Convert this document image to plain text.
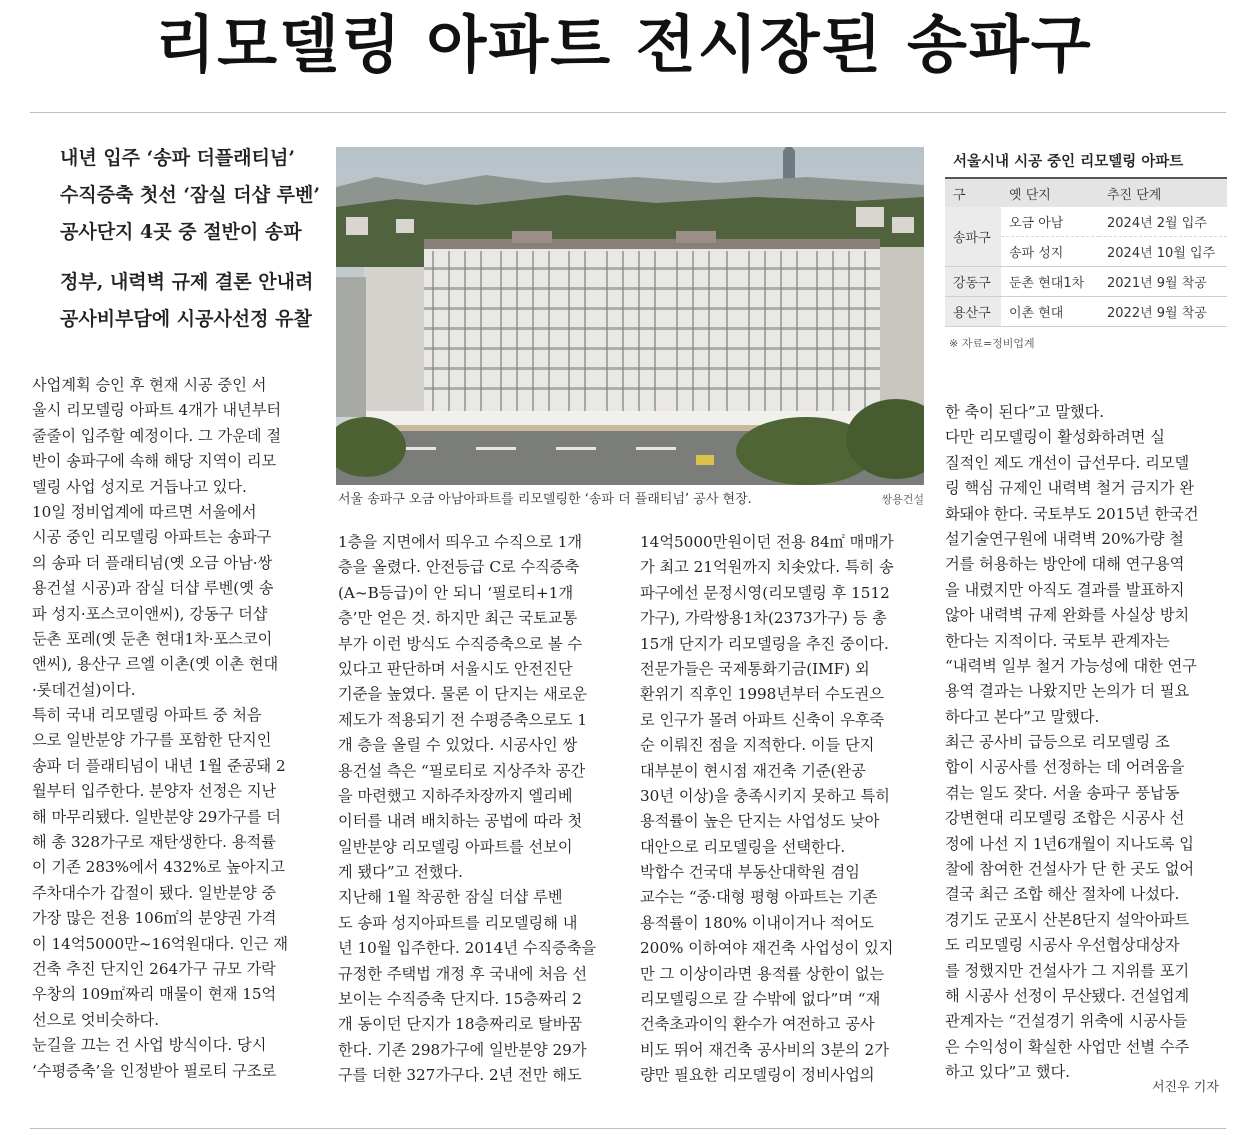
리모델링 아파트 전시장된 송파구
내년 입주 ‘송파 더플래티넘’
수직증축 첫선 ‘잠실 더샵 루벤’
공사단지 4곳 중 절반이 송파
정부, 내력벽 규제 결론 안내려
공사비부담에 시공사선정 유찰
서울 송파구 오금 아남아파트를 리모델링한 ‘송파 더 플래티넘’ 공사 현장.	쌍용건설
서울시내 시공 중인 리모델링 아파트
구	옛 단지	추진 단계
송파구	오금 아남	2024년 2월 입주
	송파 성지	2024년 10월 입주
강동구	둔촌 현대1차	2021년 9월 착공
용산구	이촌 현대	2022년 9월 착공
※ 자료=정비업계
사업계획 승인 후 현재 시공 중인 서
울시 리모델링 아파트 4개가 내년부터
줄줄이 입주할 예정이다. 그 가운데 절
반이 송파구에 속해 해당 지역이 리모
델링 사업 성지로 거듭나고 있다.
10일 정비업계에 따르면 서울에서
시공 중인 리모델링 아파트는 송파구
의 송파 더 플래티넘(옛 오금 아남·쌍
용건설 시공)과 잠실 더샵 루벤(옛 송
파 성지·포스코이앤씨), 강동구 더샵
둔촌 포레(옛 둔촌 현대1차·포스코이
앤씨), 용산구 르엘 이촌(옛 이촌 현대
·롯데건설)이다.
특히 국내 리모델링 아파트 중 처음
으로 일반분양 가구를 포함한 단지인
송파 더 플래티넘이 내년 1월 준공돼 2
월부터 입주한다. 분양자 선정은 지난
해 마무리됐다. 일반분양 29가구를 더
해 총 328가구로 재탄생한다. 용적률
이 기존 283%에서 432%로 높아지고
주차대수가 갑절이 됐다. 일반분양 중
가장 많은 전용 106㎡의 분양권 가격
이 14억5000만~16억원대다. 인근 재
건축 추진 단지인 264가구 규모 가락
우창의 109㎡짜리 매물이 현재 15억
선으로 엇비슷하다.
눈길을 끄는 건 사업 방식이다. 당시
‘수평증축’을 인정받아 필로티 구조로
1층을 지면에서 띄우고 수직으로 1개
층을 올렸다. 안전등급 C로 수직증축
(A~B등급)이 안 되니 ‘필로티+1개
층’만 얻은 것. 하지만 최근 국토교통
부가 이런 방식도 수직증축으로 볼 수
있다고 판단하며 서울시도 안전진단
기준을 높였다. 물론 이 단지는 새로운
제도가 적용되기 전 수평증축으로도 1
개 층을 올릴 수 있었다. 시공사인 쌍
용건설 측은 “필로티로 지상주차 공간
을 마련했고 지하주차장까지 엘리베
이터를 내려 배치하는 공법에 따라 첫
일반분양 리모델링 아파트를 선보이
게 됐다”고 전했다.
지난해 1월 착공한 잠실 더샵 루벤
도 송파 성지아파트를 리모델링해 내
년 10월 입주한다. 2014년 수직증축을
규정한 주택법 개정 후 국내에 처음 선
보이는 수직증축 단지다. 15층짜리 2
개 동이던 단지가 18층짜리로 탈바꿈
한다. 기존 298가구에 일반분양 29가
구를 더한 327가구다. 2년 전만 해도
14억5000만원이던 전용 84㎡ 매매가
가 최고 21억원까지 치솟았다. 특히 송
파구에선 문정시영(리모델링 후 1512
가구), 가락쌍용1차(2373가구) 등 총
15개 단지가 리모델링을 추진 중이다.
전문가들은 국제통화기금(IMF) 외
환위기 직후인 1998년부터 수도권으
로 인구가 몰려 아파트 신축이 우후죽
순 이뤄진 점을 지적한다. 이들 단지
대부분이 현시점 재건축 기준(완공
30년 이상)을 충족시키지 못하고 특히
용적률이 높은 단지는 사업성도 낮아
대안으로 리모델링을 선택한다.
박합수 건국대 부동산대학원 겸임
교수는 “중·대형 평형 아파트는 기존
용적률이 180% 이내이거나 적어도
200% 이하여야 재건축 사업성이 있지
만 그 이상이라면 용적률 상한이 없는
리모델링으로 갈 수밖에 없다”며 “재
건축초과이익 환수가 여전하고 공사
비도 뛰어 재건축 공사비의 3분의 2가
량만 필요한 리모델링이 정비사업의
한 축이 된다”고 말했다.
다만 리모델링이 활성화하려면 실
질적인 제도 개선이 급선무다. 리모델
링 핵심 규제인 내력벽 철거 금지가 완
화돼야 한다. 국토부도 2015년 한국건
설기술연구원에 내력벽 20%가량 철
거를 허용하는 방안에 대해 연구용역
을 내렸지만 아직도 결과를 발표하지
않아 내력벽 규제 완화를 사실상 방치
한다는 지적이다. 국토부 관계자는
“내력벽 일부 철거 가능성에 대한 연구
용역 결과는 나왔지만 논의가 더 필요
하다고 본다”고 말했다.
최근 공사비 급등으로 리모델링 조
합이 시공사를 선정하는 데 어려움을
겪는 일도 잦다. 서울 송파구 풍납동
강변현대 리모델링 조합은 시공사 선
정에 나선 지 1년6개월이 지나도록 입
찰에 참여한 건설사가 단 한 곳도 없어
결국 최근 조합 해산 절차에 나섰다.
경기도 군포시 산본8단지 설악아파트
도 리모델링 시공사 우선협상대상자
를 정했지만 건설사가 그 지위를 포기
해 시공사 선정이 무산됐다. 건설업계
관계자는 “건설경기 위축에 시공사들
은 수익성이 확실한 사업만 선별 수주
하고 있다”고 했다.
서진우 기자
